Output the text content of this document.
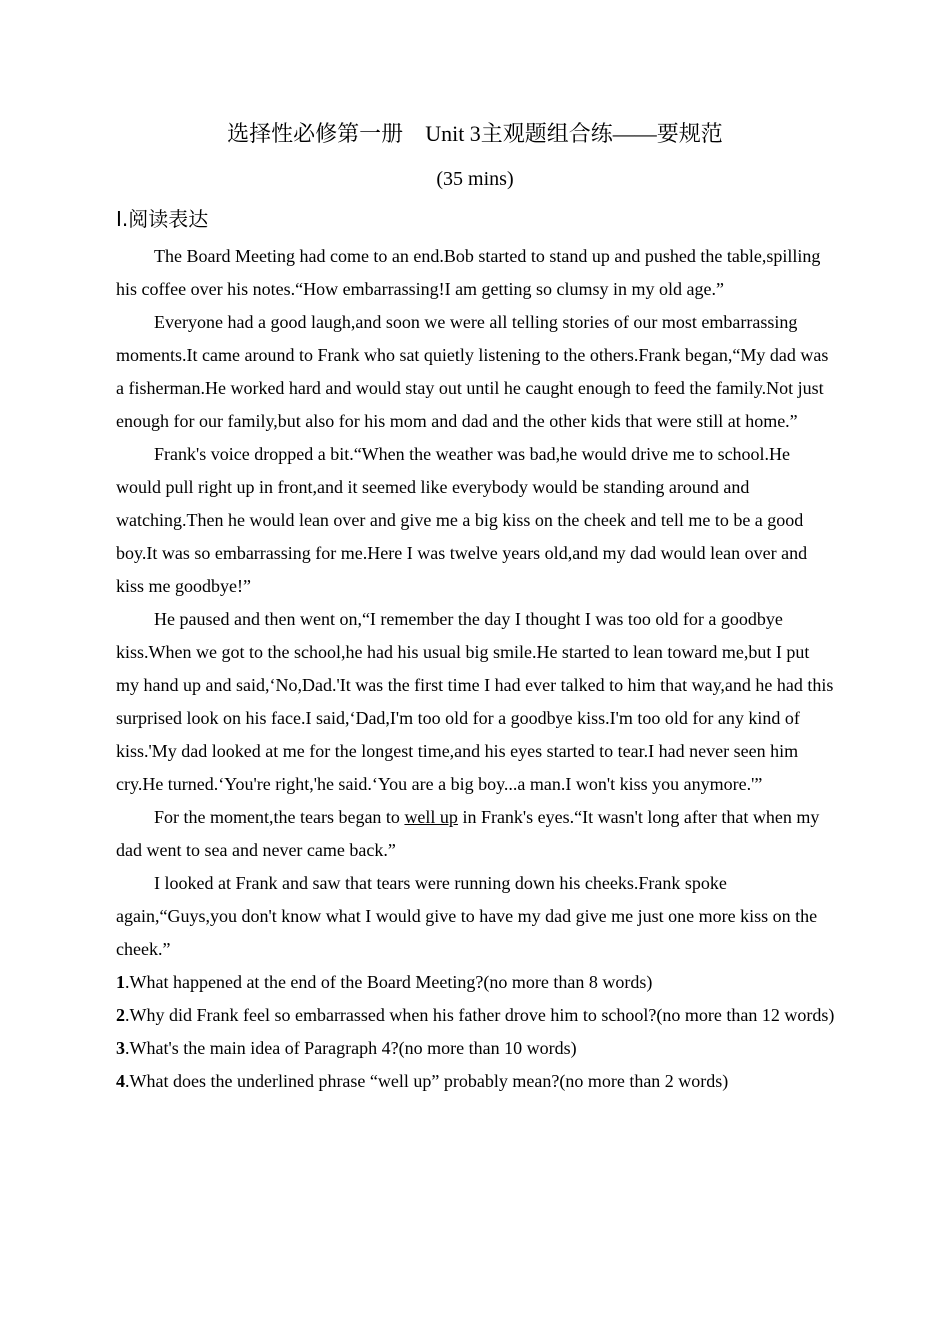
选择性必修第一册 Unit 3主观题组合练——要规范
(35 mins)
Ⅰ.阅读表达

The Board Meeting had come to an end.Bob started to stand up and pushed the table,spilling his coffee over his notes.“How embarrassing!I am getting so clumsy in my old age.”

Everyone had a good laugh,and soon we were all telling stories of our most embarrassing moments.It came around to Frank who sat quietly listening to the others.Frank began,“My dad was a fisherman.He worked hard and would stay out until he caught enough to feed the family.Not just enough for our family,but also for his mom and dad and the other kids that were still at home.”

Frank's voice dropped a bit.“When the weather was bad,he would drive me to school.He would pull right up in front,and it seemed like everybody would be standing around and watching.Then he would lean over and give me a big kiss on the cheek and tell me to be a good boy.It was so embarrassing for me.Here I was twelve years old,and my dad would lean over and kiss me goodbye!”

He paused and then went on,“I remember the day I thought I was too old for a goodbye kiss.When we got to the school,he had his usual big smile.He started to lean toward me,but I put my hand up and said,‘No,Dad.'It was the first time I had ever talked to him that way,and he had this surprised look on his face.I said,‘Dad,I'm too old for a goodbye kiss.I'm too old for any kind of kiss.'My dad looked at me for the longest time,and his eyes started to tear.I had never seen him cry.He turned.‘You're right,'he said.‘You are a big boy...a man.I won't kiss you anymore.'”

For the moment,the tears began to well up in Frank's eyes.“It wasn't long after that when my dad went to sea and never came back.”

I looked at Frank and saw that tears were running down his cheeks.Frank spoke again,“Guys,you don't know what I would give to have my dad give me just one more kiss on the cheek.”

1.What happened at the end of the Board Meeting?(no more than 8 words)
2.Why did Frank feel so embarrassed when his father drove him to school?(no more than 12 words)
3.What's the main idea of Paragraph 4?(no more than 10 words)
4.What does the underlined phrase “well up” probably mean?(no more than 2 words)
